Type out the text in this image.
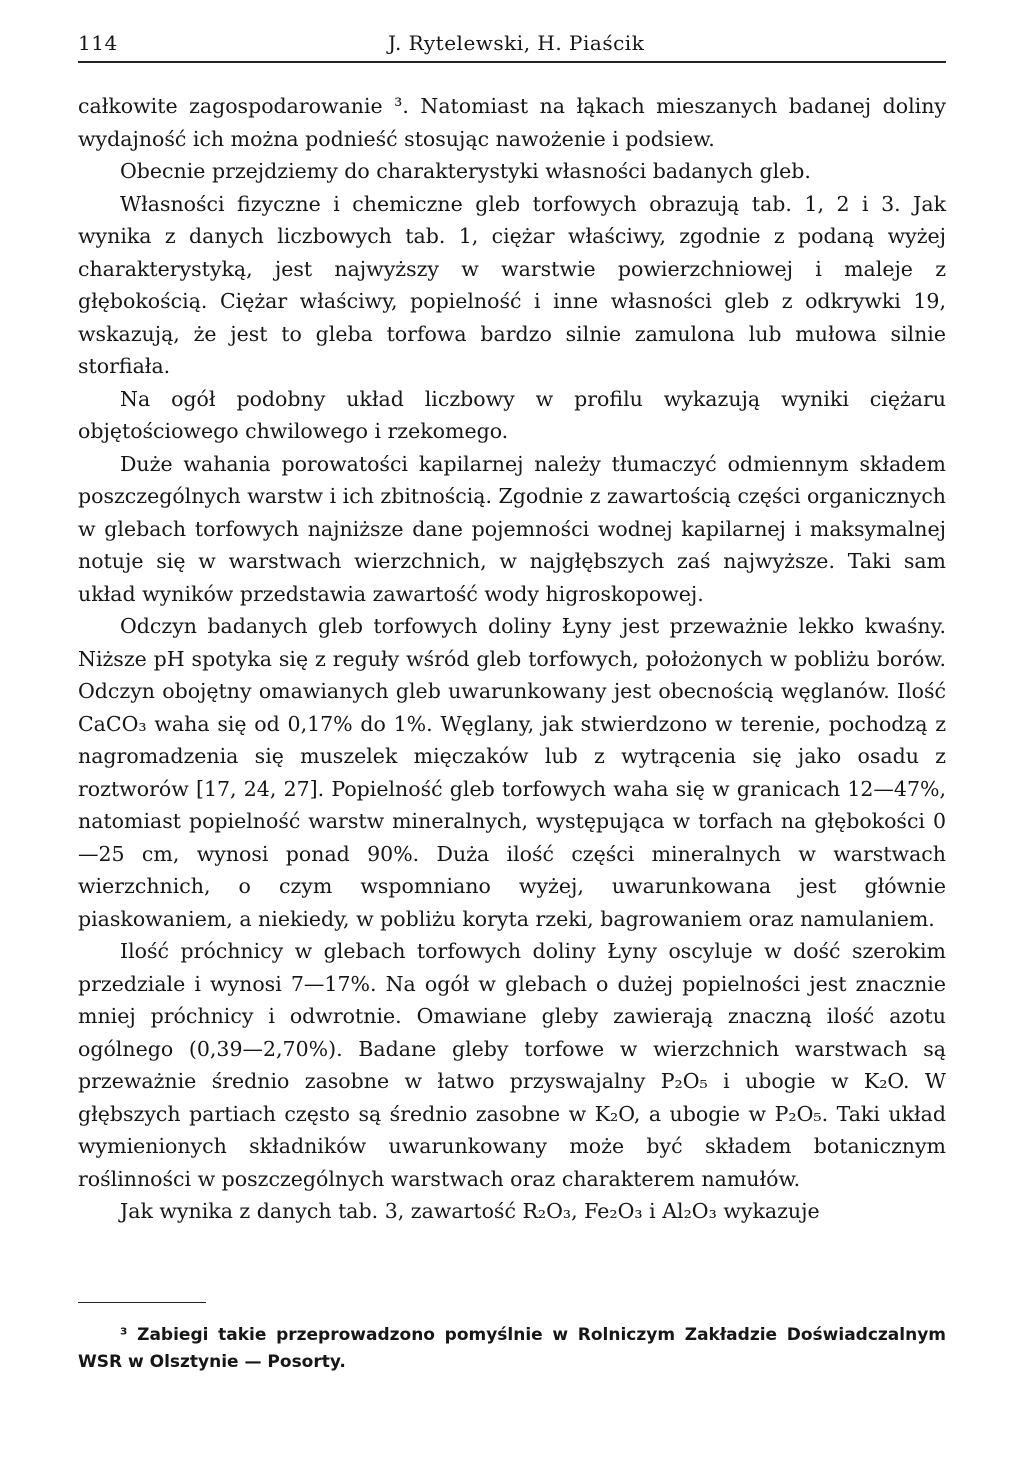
114	J. Rytelewski, H. Piaścik

całkowite zagospodarowanie ³. Natomiast na łąkach mieszanych badanej doliny wydajność ich można podnieść stosując nawożenie i podsiew.

Obecnie przejdziemy do charakterystyki własności badanych gleb.

Własności fizyczne i chemiczne gleb torfowych obrazują tab. 1, 2 i 3. Jak wynika z danych liczbowych tab. 1, ciężar właściwy, zgodnie z podaną wyżej charakterystyką, jest najwyższy w warstwie powierzchniowej i maleje z głębokością. Ciężar właściwy, popielność i inne własności gleb z odkrywki 19, wskazują, że jest to gleba torfowa bardzo silnie zamulona lub mułowa silnie storfiała.

Na ogół podobny układ liczbowy w profilu wykazują wyniki ciężaru objętościowego chwilowego i rzekomego.

Duże wahania porowatości kapilarnej należy tłumaczyć odmiennym składem poszczególnych warstw i ich zbitnością. Zgodnie z zawartością części organicznych w glebach torfowych najniższe dane pojemności wodnej kapilarnej i maksymalnej notuje się w warstwach wierzchnich, w najgłębszych zaś najwyższe. Taki sam układ wyników przedstawia zawartość wody higroskopowej.

Odczyn badanych gleb torfowych doliny Łyny jest przeważnie lekko kwaśny. Niższe pH spotyka się z reguły wśród gleb torfowych, położonych w pobliżu borów. Odczyn obojętny omawianych gleb uwarunkowany jest obecnością węglanów. Ilość CaCO₃ waha się od 0,17% do 1%. Węglany, jak stwierdzono w terenie, pochodzą z nagromadzenia się muszelek mięczaków lub z wytrącenia się jako osadu z roztworów [17, 24, 27]. Popielność gleb torfowych waha się w granicach 12—47%, natomiast popielność warstw mineralnych, występująca w torfach na głębokości 0—25 cm, wynosi ponad 90%. Duża ilość części mineralnych w warstwach wierzchnich, o czym wspomniano wyżej, uwarunkowana jest głównie piaskowaniem, a niekiedy, w pobliżu koryta rzeki, bagrowaniem oraz namulaniem.

Ilość próchnicy w glebach torfowych doliny Łyny oscyluje w dość szerokim przedziale i wynosi 7—17%. Na ogół w glebach o dużej popielności jest znacznie mniej próchnicy i odwrotnie. Omawiane gleby zawierają znaczną ilość azotu ogólnego (0,39—2,70%). Badane gleby torfowe w wierzchnich warstwach są przeważnie średnio zasobne w łatwo przyswajalny P₂O₅ i ubogie w K₂O. W głębszych partiach często są średnio zasobne w K₂O, a ubogie w P₂O₅. Taki układ wymienionych składników uwarunkowany może być składem botanicznym roślinności w poszczególnych warstwach oraz charakterem namułów.

Jak wynika z danych tab. 3, zawartość R₂O₃, Fe₂O₃ i Al₂O₃ wykazuje

³ Zabiegi takie przeprowadzono pomyślnie w Rolniczym Zakładzie Doświadczalnym WSR w Olsztynie — Posorty.
